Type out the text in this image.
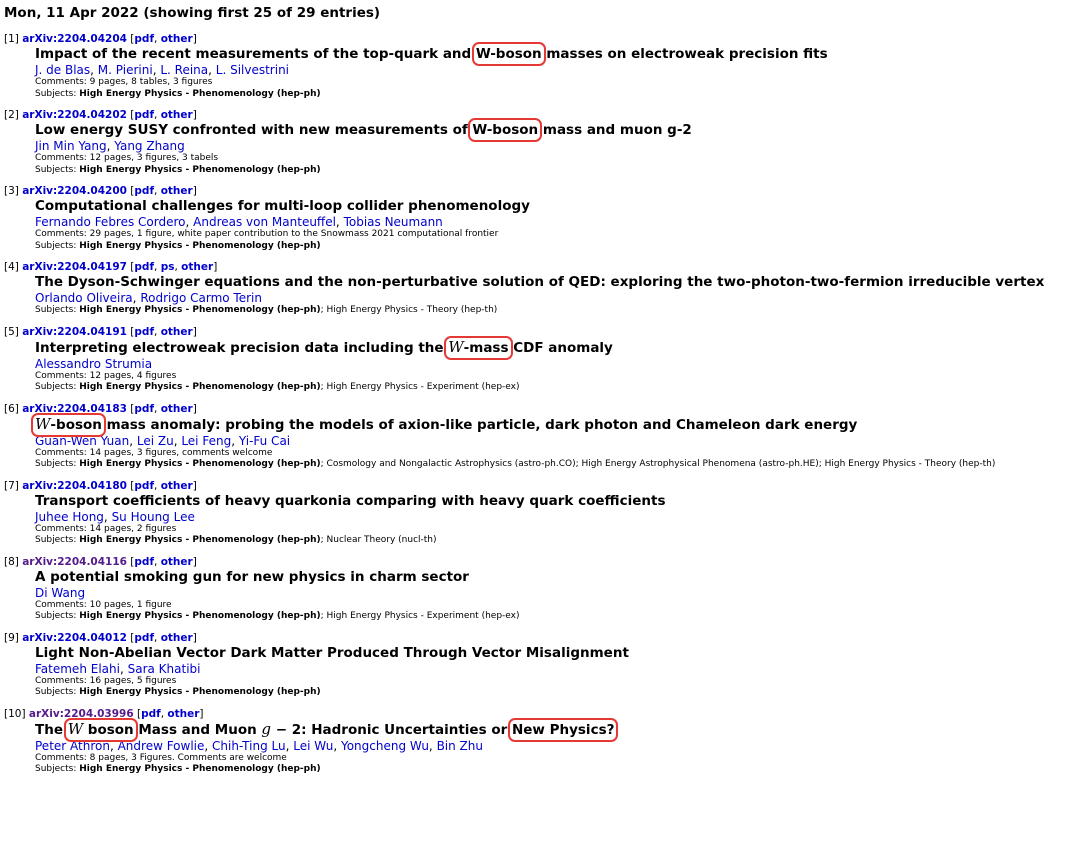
Mon, 11 Apr 2022 (showing first 25 of 29 entries)
[1] arXiv:2204.04204 [pdf, other]
Impact of the recent measurements of the top-quark and W-boson masses on electroweak precision fits
J. de Blas, M. Pierini, L. Reina, L. Silvestrini
Comments: 9 pages, 8 tables, 3 figures
Subjects: High Energy Physics - Phenomenology (hep-ph)
[2] arXiv:2204.04202 [pdf, other]
Low energy SUSY confronted with new measurements of W-boson mass and muon g-2
Jin Min Yang, Yang Zhang
Comments: 12 pages, 3 figures, 3 tabels
Subjects: High Energy Physics - Phenomenology (hep-ph)
[3] arXiv:2204.04200 [pdf, other]
Computational challenges for multi-loop collider phenomenology
Fernando Febres Cordero, Andreas von Manteuffel, Tobias Neumann
Comments: 29 pages, 1 figure, white paper contribution to the Snowmass 2021 computational frontier
Subjects: High Energy Physics - Phenomenology (hep-ph)
[4] arXiv:2204.04197 [pdf, ps, other]
The Dyson-Schwinger equations and the non-perturbative solution of QED: exploring the two-photon-two-fermion irreducible vertex
Orlando Oliveira, Rodrigo Carmo Terin
Subjects: High Energy Physics - Phenomenology (hep-ph); High Energy Physics - Theory (hep-th)
[5] arXiv:2204.04191 [pdf, other]
Interpreting electroweak precision data including the W-mass CDF anomaly
Alessandro Strumia
Comments: 12 pages, 4 figures
Subjects: High Energy Physics - Phenomenology (hep-ph); High Energy Physics - Experiment (hep-ex)
[6] arXiv:2204.04183 [pdf, other]
W-boson mass anomaly: probing the models of axion-like particle, dark photon and Chameleon dark energy
Guan-Wen Yuan, Lei Zu, Lei Feng, Yi-Fu Cai
Comments: 14 pages, 3 figures, comments welcome
Subjects: High Energy Physics - Phenomenology (hep-ph); Cosmology and Nongalactic Astrophysics (astro-ph.CO); High Energy Astrophysical Phenomena (astro-ph.HE); High Energy Physics - Theory (hep-th)
[7] arXiv:2204.04180 [pdf, other]
Transport coefficients of heavy quarkonia comparing with heavy quark coefficients
Juhee Hong, Su Houng Lee
Comments: 14 pages, 2 figures
Subjects: High Energy Physics - Phenomenology (hep-ph); Nuclear Theory (nucl-th)
[8] arXiv:2204.04116 [pdf, other]
A potential smoking gun for new physics in charm sector
Di Wang
Comments: 10 pages, 1 figure
Subjects: High Energy Physics - Phenomenology (hep-ph); High Energy Physics - Experiment (hep-ex)
[9] arXiv:2204.04012 [pdf, other]
Light Non-Abelian Vector Dark Matter Produced Through Vector Misalignment
Fatemeh Elahi, Sara Khatibi
Comments: 16 pages, 5 figures
Subjects: High Energy Physics - Phenomenology (hep-ph)
[10] arXiv:2204.03996 [pdf, other]
The W boson Mass and Muon g − 2: Hadronic Uncertainties or New Physics?
Peter Athron, Andrew Fowlie, Chih-Ting Lu, Lei Wu, Yongcheng Wu, Bin Zhu
Comments: 8 pages, 3 Figures. Comments are welcome
Subjects: High Energy Physics - Phenomenology (hep-ph)
